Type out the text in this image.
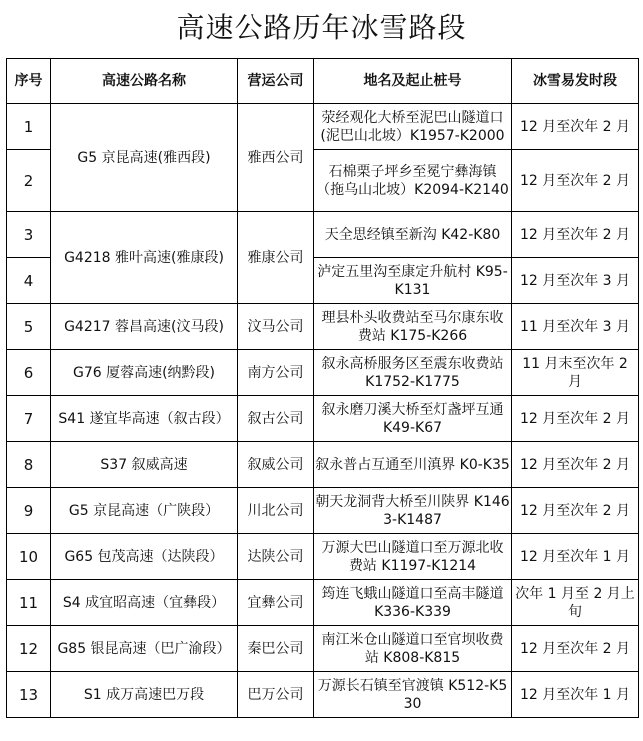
高速公路历年冰雪路段
序号	高速公路名称	营运公司	地名及起止桩号	冰雪易发时段
1	G5 京昆高速(雅西段)	雅西公司	荥经观化大桥至泥巴山隧道口(泥巴山北坡）K1957-K2000	12 月至次年 2 月
2			石棉栗子坪乡至冕宁彝海镇（拖乌山北坡）K2094-K2140	12 月至次年 2 月
3	G4218 雅叶高速(雅康段)	雅康公司	天全思经镇至新沟 K42-K80	12 月至次年 2 月
4			泸定五里沟至康定升航村 K95-K131	12 月至次年 3 月
5	G4217 蓉昌高速(汶马段)	汶马公司	理县朴头收费站至马尔康东收费站 K175-K266	11 月至次年 3 月
6	G76 厦蓉高速(纳黔段)	南方公司	叙永高桥服务区至震东收费站 K1752-K1775	11 月末至次年 2 月
7	S41 遂宜毕高速（叙古段）	叙古公司	叙永磨刀溪大桥至灯盏坪互通 K49-K67	12 月至次年 2 月
8	S37 叙威高速	叙威公司	叙永普占互通至川滇界 K0-K35	12 月至次年 2 月
9	G5 京昆高速（广陕段）	川北公司	朝天龙洞背大桥至川陕界 K1463-K1487	12 月至次年 2 月
10	G65 包茂高速（达陕段）	达陕公司	万源大巴山隧道口至万源北收费站 K1197-K1214	12 月至次年 1 月
11	S4 成宜昭高速（宜彝段）	宜彝公司	筠连飞蛾山隧道口至高丰隧道 K336-K339	次年 1 月至 2 月上旬
12	G85 银昆高速（巴广渝段）	秦巴公司	南江米仓山隧道口至官坝收费站 K808-K815	12 月至次年 2 月
13	S1 成万高速巴万段	巴万公司	万源长石镇至官渡镇 K512-K530	12 月至次年 1 月
